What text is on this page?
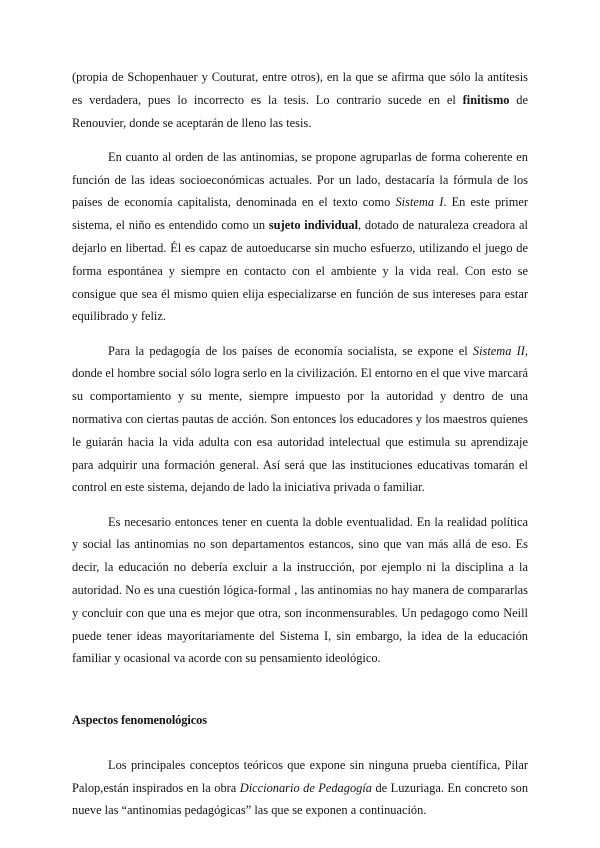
(propia de Schopenhauer y Couturat, entre otros), en la que se afirma que sólo la antítesis es verdadera, pues lo incorrecto es la tesis. Lo contrario sucede en el finitismo de Renouvier, donde se aceptarán de lleno las tesis.

En cuanto al orden de las antinomias, se propone agruparlas de forma coherente en función de las ideas socioeconómicas actuales. Por un lado, destacaría la fórmula de los países de economía capitalista, denominada en el texto como Sistema I. En este primer sistema, el niño es entendido como un sujeto individual, dotado de naturaleza creadora al dejarlo en libertad. Él es capaz de autoeducarse sin mucho esfuerzo, utilizando el juego de forma espontánea y siempre en contacto con el ambiente y la vida real. Con esto se consigue que sea él mismo quien elija especializarse en función de sus intereses para estar equilibrado y feliz.

Para la pedagogía de los países de economía socialista, se expone el Sistema II, donde el hombre social sólo logra serlo en la civilización. El entorno en el que vive marcará su comportamiento y su mente, siempre impuesto por la autoridad y dentro de una normativa con ciertas pautas de acción. Son entonces los educadores y los maestros quienes le guiarán hacia la vida adulta con esa autoridad intelectual que estimula su aprendizaje para adquirir una formación general. Así será que las instituciones educativas tomarán el control en este sistema, dejando de lado la iniciativa privada o familiar.

Es necesario entonces tener en cuenta la doble eventualidad. En la realidad política y social las antinomias no son departamentos estancos, sino que van más allá de eso. Es decir, la educación no debería excluir a la instrucción, por ejemplo ni la disciplina a la autoridad. No es una cuestión lógica-formal , las antinomias no hay manera de compararlas y concluir con que una es mejor que otra, son inconmensurables. Un pedagogo como Neill puede tener ideas mayoritariamente del Sistema I, sin embargo, la idea de la educación familiar y ocasional va acorde con su pensamiento ideológico.

Aspectos fenomenológicos

Los principales conceptos teóricos que expone sin ninguna prueba científica, Pilar Palop,están inspirados en la obra Diccionario de Pedagogía de Luzuriaga. En concreto son nueve las “antinomias pedagógicas” las que se exponen a continuación.
